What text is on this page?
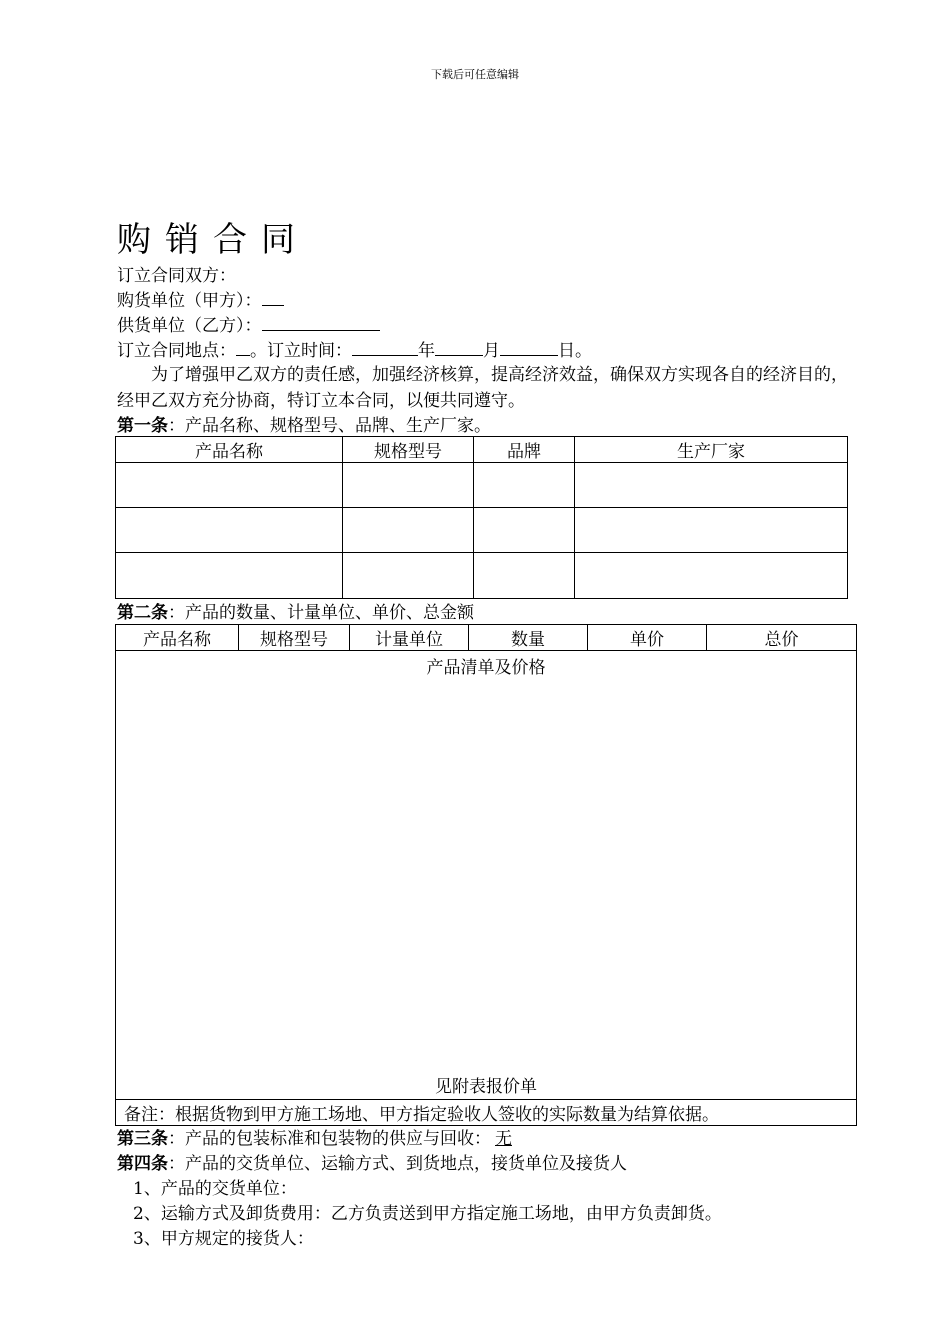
下载后可任意编辑
购销合同
订立合同双方：
购货单位（甲方）：
供货单位（乙方）：
订立合同地点： 。订立时间：	年	月	日。
为了增强甲乙双方的责任感，加强经济核算，提高经济效益，确保双方实现各自的经济目的，经甲乙双方充分协商，特订立本合同，以便共同遵守。
第一条：产品名称、规格型号、品牌、生产厂家。
产品名称	规格型号	品牌	生产厂家

第二条：产品的数量、计量单位、单价、总金额
产品名称	规格型号	计量单位	数量	单价	总价

产品清单及价格
见附表报价单

备注：根据货物到甲方施工场地、甲方指定验收人签收的实际数量为结算依据。
第三条：产品的包装标准和包装物的供应与回收： 无
第四条：产品的交货单位、运输方式、到货地点，接货单位及接货人
1、产品的交货单位：
2、运输方式及卸货费用：乙方负责送到甲方指定施工场地，由甲方负责卸货。
3、甲方规定的接货人：
